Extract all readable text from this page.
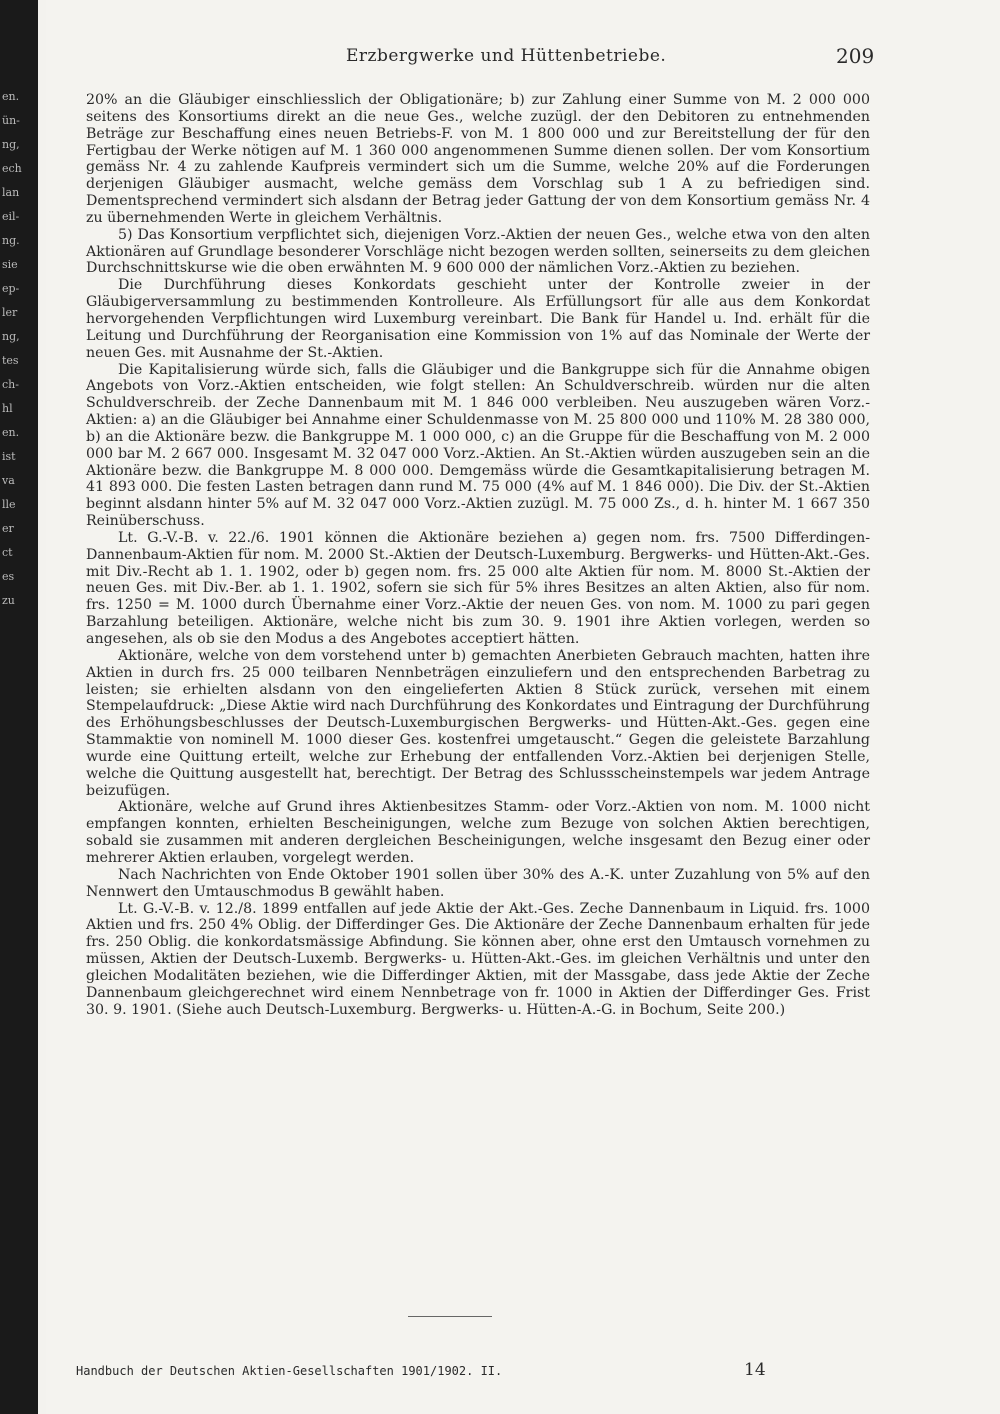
en.
ün-
ng,
ech
lan
eil-
ng.
sie
ер-
ler
ng,
tes
ch-
hl
en.
ist
va
lle
er
ct
es
zu
Erzbergwerke und Hüttenbetriebe.	209

20% an die Gläubiger einschliesslich der Obligationäre; b) zur Zahlung einer Summe von M. 2 000 000 seitens des Konsortiums direkt an die neue Ges., welche zuzügl. der den Debitoren zu entnehmenden Beträge zur Beschaffung eines neuen Betriebs-F. von M. 1 800 000 und zur Bereitstellung der für den Fertigbau der Werke nötigen auf M. 1 360 000 angenommenen Summe dienen sollen. Der vom Konsortium gemäss Nr. 4 zu zahlende Kaufpreis vermindert sich um die Summe, welche 20% auf die Forderungen derjenigen Gläubiger ausmacht, welche gemäss dem Vorschlag sub 1 A zu befriedigen sind. Dementsprechend vermindert sich alsdann der Betrag jeder Gattung der von dem Konsortium gemäss Nr. 4 zu übernehmenden Werte in gleichem Verhältnis.

5) Das Konsortium verpflichtet sich, diejenigen Vorz.-Aktien der neuen Ges., welche etwa von den alten Aktionären auf Grundlage besonderer Vorschläge nicht bezogen werden sollten, seinerseits zu dem gleichen Durchschnittskurse wie die oben erwähnten M. 9 600 000 der nämlichen Vorz.-Aktien zu beziehen.

Die Durchführung dieses Konkordats geschieht unter der Kontrolle zweier in der Gläubigerversammlung zu bestimmenden Kontrolleure. Als Erfüllungsort für alle aus dem Konkordat hervorgehenden Verpflichtungen wird Luxemburg vereinbart. Die Bank für Handel u. Ind. erhält für die Leitung und Durchführung der Reorganisation eine Kommission von 1% auf das Nominale der Werte der neuen Ges. mit Ausnahme der St.-Aktien.

Die Kapitalisierung würde sich, falls die Gläubiger und die Bankgruppe sich für die Annahme obigen Angebots von Vorz.-Aktien entscheiden, wie folgt stellen: An Schuldverschreib. würden nur die alten Schuldverschreib. der Zeche Dannenbaum mit M. 1 846 000 verbleiben. Neu auszugeben wären Vorz.-Aktien: a) an die Gläubiger bei Annahme einer Schuldenmasse von M. 25 800 000 und 110% M. 28 380 000, b) an die Aktionäre bezw. die Bankgruppe M. 1 000 000, c) an die Gruppe für die Beschaffung von M. 2 000 000 bar M. 2 667 000. Insgesamt M. 32 047 000 Vorz.-Aktien. An St.-Aktien würden auszugeben sein an die Aktionäre bezw. die Bankgruppe M. 8 000 000. Demgemäss würde die Gesamtkapitalisierung betragen M. 41 893 000. Die festen Lasten betragen dann rund M. 75 000 (4% auf M. 1 846 000). Die Div. der St.-Aktien beginnt alsdann hinter 5% auf M. 32 047 000 Vorz.-Aktien zuzügl. M. 75 000 Zs., d. h. hinter M. 1 667 350 Reinüberschuss.

Lt. G.-V.-B. v. 22./6. 1901 können die Aktionäre beziehen a) gegen nom. frs. 7500 Differdingen-Dannenbaum-Aktien für nom. M. 2000 St.-Aktien der Deutsch-Luxemburg. Bergwerks- und Hütten-Akt.-Ges. mit Div.-Recht ab 1. 1. 1902, oder b) gegen nom. frs. 25 000 alte Aktien für nom. M. 8000 St.-Aktien der neuen Ges. mit Div.-Ber. ab 1. 1. 1902, sofern sie sich für 5% ihres Besitzes an alten Aktien, also für nom. frs. 1250 = M. 1000 durch Übernahme einer Vorz.-Aktie der neuen Ges. von nom. M. 1000 zu pari gegen Barzahlung beteiligen. Aktionäre, welche nicht bis zum 30. 9. 1901 ihre Aktien vorlegen, werden so angesehen, als ob sie den Modus a des Angebotes acceptiert hätten.

Aktionäre, welche von dem vorstehend unter b) gemachten Anerbieten Gebrauch machten, hatten ihre Aktien in durch frs. 25 000 teilbaren Nennbeträgen einzuliefern und den entsprechenden Barbetrag zu leisten; sie erhielten alsdann von den eingelieferten Aktien 8 Stück zurück, versehen mit einem Stempelaufdruck: „Diese Aktie wird nach Durchführung des Konkordates und Eintragung der Durchführung des Erhöhungsbeschlusses der Deutsch-Luxemburgischen Bergwerks- und Hütten-Akt.-Ges. gegen eine Stammaktie von nominell M. 1000 dieser Ges. kostenfrei umgetauscht.“ Gegen die geleistete Barzahlung wurde eine Quittung erteilt, welche zur Erhebung der entfallenden Vorz.-Aktien bei derjenigen Stelle, welche die Quittung ausgestellt hat, berechtigt. Der Betrag des Schlussscheinstempels war jedem Antrage beizufügen.

Aktionäre, welche auf Grund ihres Aktienbesitzes Stamm- oder Vorz.-Aktien von nom. M. 1000 nicht empfangen konnten, erhielten Bescheinigungen, welche zum Bezuge von solchen Aktien berechtigen, sobald sie zusammen mit anderen dergleichen Bescheinigungen, welche insgesamt den Bezug einer oder mehrerer Aktien erlauben, vorgelegt werden.

Nach Nachrichten von Ende Oktober 1901 sollen über 30% des A.-K. unter Zuzahlung von 5% auf den Nennwert den Umtauschmodus B gewählt haben.

Lt. G.-V.-B. v. 12./8. 1899 entfallen auf jede Aktie der Akt.-Ges. Zeche Dannenbaum in Liquid. frs. 1000 Aktien und frs. 250 4% Oblig. der Differdinger Ges. Die Aktionäre der Zeche Dannenbaum erhalten für jede frs. 250 Oblig. die konkordatsmässige Abfindung. Sie können aber, ohne erst den Umtausch vornehmen zu müssen, Aktien der Deutsch-Luxemb. Bergwerks- u. Hütten-Akt.-Ges. im gleichen Verhältnis und unter den gleichen Modalitäten beziehen, wie die Differdinger Aktien, mit der Massgabe, dass jede Aktie der Zeche Dannenbaum gleichgerechnet wird einem Nennbetrage von fr. 1000 in Aktien der Differdinger Ges. Frist 30. 9. 1901. (Siehe auch Deutsch-Luxemburg. Bergwerks- u. Hütten-A.-G. in Bochum, Seite 200.)

Handbuch der Deutschen Aktien-Gesellschaften 1901/1902. II.	14
